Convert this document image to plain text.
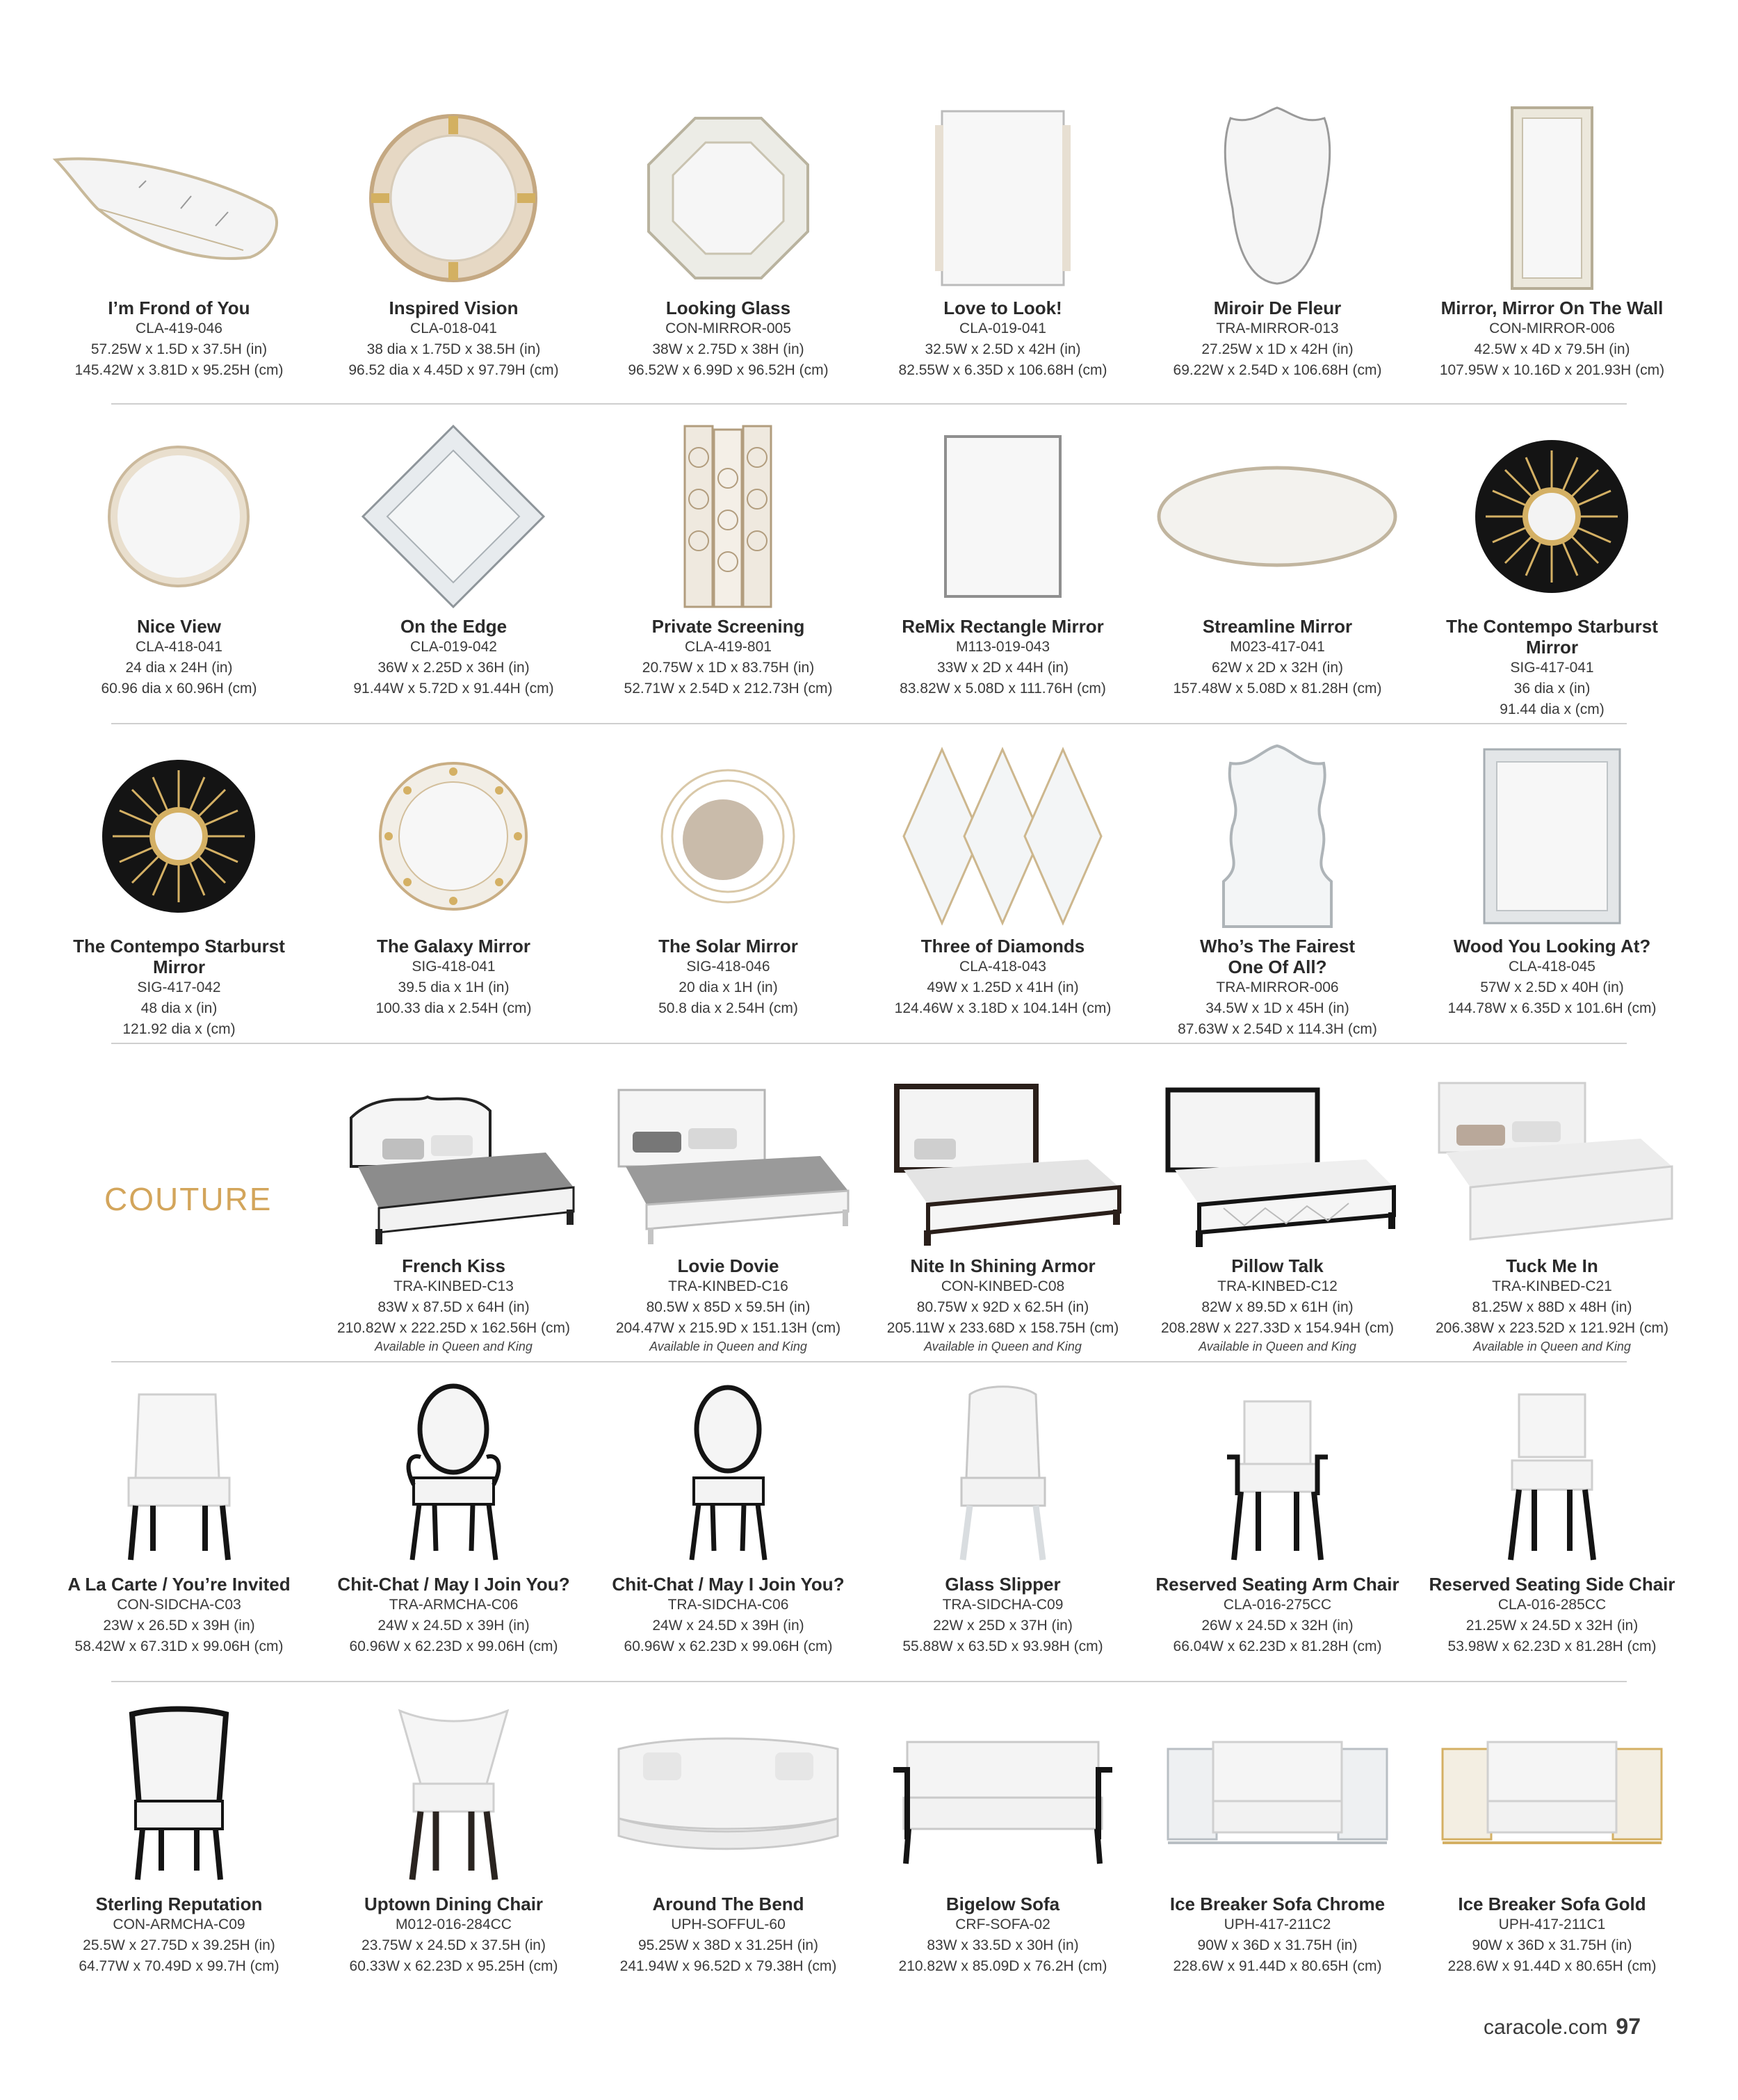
I’m Frond of You
CLA-419-046
57.25W x 1.5D x 37.5H (in)
145.42W x 3.81D x 95.25H (cm)
Inspired Vision
CLA-018-041
38 dia x 1.75D x 38.5H (in)
96.52 dia x 4.45D x 97.79H (cm)
Looking Glass
CON-MIRROR-005
38W x 2.75D x 38H (in)
96.52W x 6.99D x 96.52H (cm)
Love to Look!
CLA-019-041
32.5W x 2.5D x 42H (in)
82.55W x 6.35D x 106.68H (cm)
Miroir De Fleur
TRA-MIRROR-013
27.25W x 1D x 42H (in)
69.22W x 2.54D x 106.68H (cm)
Mirror, Mirror On The Wall
CON-MIRROR-006
42.5W x 4D x 79.5H (in)
107.95W x 10.16D x 201.93H (cm)
Nice View
CLA-418-041
24 dia x 24H (in)
60.96 dia x 60.96H (cm)
On the Edge
CLA-019-042
36W x 2.25D x 36H (in)
91.44W x 5.72D x 91.44H (cm)
Private Screening
CLA-419-801
20.75W x 1D x 83.75H (in)
52.71W x 2.54D x 212.73H (cm)
ReMix Rectangle Mirror
M113-019-043
33W x 2D x 44H (in)
83.82W x 5.08D x 111.76H (cm)
Streamline Mirror
M023-417-041
62W x 2D x 32H (in)
157.48W x 5.08D x 81.28H (cm)
The Contempo Starburst
Mirror
SIG-417-041
36 dia x (in)
91.44 dia x (cm)
The Contempo Starburst
Mirror
SIG-417-042
48 dia x (in)
121.92 dia x (cm)
The Galaxy Mirror
SIG-418-041
39.5 dia x 1H (in)
100.33 dia x 2.54H (cm)
The Solar Mirror
SIG-418-046
20 dia x 1H (in)
50.8 dia x 2.54H (cm)
Three of Diamonds
CLA-418-043
49W x 1.25D x 41H (in)
124.46W x 3.18D x 104.14H (cm)
Who’s The Fairest
One Of All?
TRA-MIRROR-006
34.5W x 1D x 45H (in)
87.63W x 2.54D x 114.3H (cm)
Wood You Looking At?
CLA-418-045
57W x 2.5D x 40H (in)
144.78W x 6.35D x 101.6H (cm)
COUTURE
French Kiss
TRA-KINBED-C13
83W x 87.5D x 64H (in)
210.82W x 222.25D x 162.56H (cm)
Available in Queen and King
Lovie Dovie
TRA-KINBED-C16
80.5W x 85D x 59.5H (in)
204.47W x 215.9D x 151.13H (cm)
Available in Queen and King
Nite In Shining Armor
CON-KINBED-C08
80.75W x 92D x 62.5H (in)
205.11W x 233.68D x 158.75H (cm)
Available in Queen and King
Pillow Talk
TRA-KINBED-C12
82W x 89.5D x 61H (in)
208.28W x 227.33D x 154.94H (cm)
Available in Queen and King
Tuck Me In
TRA-KINBED-C21
81.25W x 88D x 48H (in)
206.38W x 223.52D x 121.92H (cm)
Available in Queen and King
A La Carte / You’re Invited
CON-SIDCHA-C03
23W x 26.5D x 39H (in)
58.42W x 67.31D x 99.06H (cm)
Chit-Chat / May I Join You?
TRA-ARMCHA-C06
24W x 24.5D x 39H (in)
60.96W x 62.23D x 99.06H (cm)
Chit-Chat / May I Join You?
TRA-SIDCHA-C06
24W x 24.5D x 39H (in)
60.96W x 62.23D x 99.06H (cm)
Glass Slipper
TRA-SIDCHA-C09
22W x 25D x 37H (in)
55.88W x 63.5D x 93.98H (cm)
Reserved Seating Arm Chair
CLA-016-275CC
26W x 24.5D x 32H (in)
66.04W x 62.23D x 81.28H (cm)
Reserved Seating Side Chair
CLA-016-285CC
21.25W x 24.5D x 32H (in)
53.98W x 62.23D x 81.28H (cm)
Sterling Reputation
CON-ARMCHA-C09
25.5W x 27.75D x 39.25H (in)
64.77W x 70.49D x 99.7H (cm)
Uptown Dining Chair
M012-016-284CC
23.75W x 24.5D x 37.5H (in)
60.33W x 62.23D x 95.25H (cm)
Around The Bend
UPH-SOFFUL-60
95.25W x 38D x 31.25H (in)
241.94W x 96.52D x 79.38H (cm)
Bigelow Sofa
CRF-SOFA-02
83W x 33.5D x 30H (in)
210.82W x 85.09D x 76.2H (cm)
Ice Breaker Sofa Chrome
UPH-417-211C2
90W x 36D x 31.75H (in)
228.6W x 91.44D x 80.65H (cm)
Ice Breaker Sofa Gold
UPH-417-211C1
90W x 36D x 31.75H (in)
228.6W x 91.44D x 80.65H (cm)
caracole.com 97
